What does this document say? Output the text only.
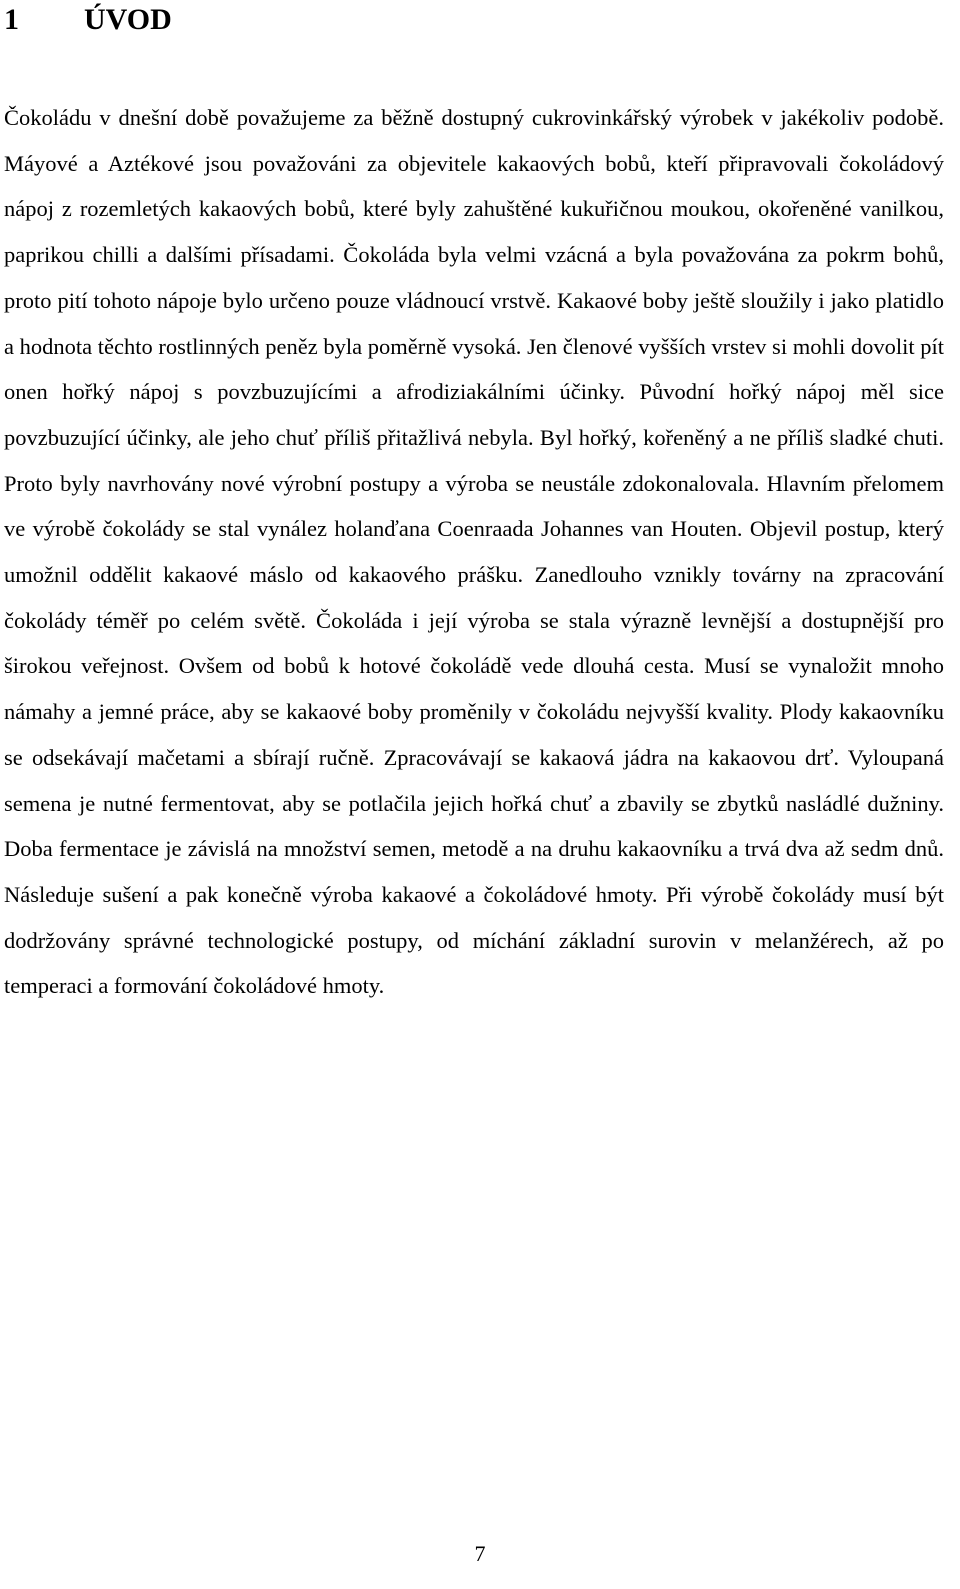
1 ÚVOD

Čokoládu v dnešní době považujeme za běžně dostupný cukrovinkářský výrobek v jakékoliv podobě. Máyové a Aztékové jsou považováni za objevitele kakaových bobů, kteří připravovali čokoládový nápoj z rozemletých kakaových bobů, které byly zahuštěné kukuřičnou moukou, okořeněné vanilkou, paprikou chilli a dalšími přísadami. Čokoláda byla velmi vzácná a byla považována za pokrm bohů, proto pití tohoto nápoje bylo určeno pouze vládnoucí vrstvě. Kakaové boby ještě sloužily i jako platidlo a hodnota těchto rostlinných peněz byla poměrně vysoká. Jen členové vyšších vrstev si mohli dovolit pít onen hořký nápoj s povzbuzujícími a afrodiziakálními účinky. Původní hořký nápoj měl sice povzbuzující účinky, ale jeho chuť příliš přitažlivá nebyla. Byl hořký, kořeněný a ne příliš sladké chuti. Proto byly navrhovány nové výrobní postupy a výroba se neustále zdokonalovala. Hlavním přelomem ve výrobě čokolády se stal vynález holanďana Coenraada Johannes van Houten. Objevil postup, který umožnil oddělit kakaové máslo od kakaového prášku. Zanedlouho vznikly továrny na zpracování čokolády téměř po celém světě. Čokoláda i její výroba se stala výrazně levnější a dostupnější pro širokou veřejnost. Ovšem od bobů k hotové čokoládě vede dlouhá cesta. Musí se vynaložit mnoho námahy a jemné práce, aby se kakaové boby proměnily v čokoládu nejvyšší kvality. Plody kakaovníku se odsekávají mačetami a sbírají ručně. Zpracovávají se kakaová jádra na kakaovou drť. Vyloupaná semena je nutné fermentovat, aby se potlačila jejich hořká chuť a zbavily se zbytků nasládlé dužniny. Doba fermentace je závislá na množství semen, metodě a na druhu kakaovníku a trvá dva až sedm dnů. Následuje sušení a pak konečně výroba kakaové a čokoládové hmoty. Při výrobě čokolády musí být dodržovány správné technologické postupy, od míchání základní surovin v melanžérech, až po temperaci a formování čokoládové hmoty.

7
